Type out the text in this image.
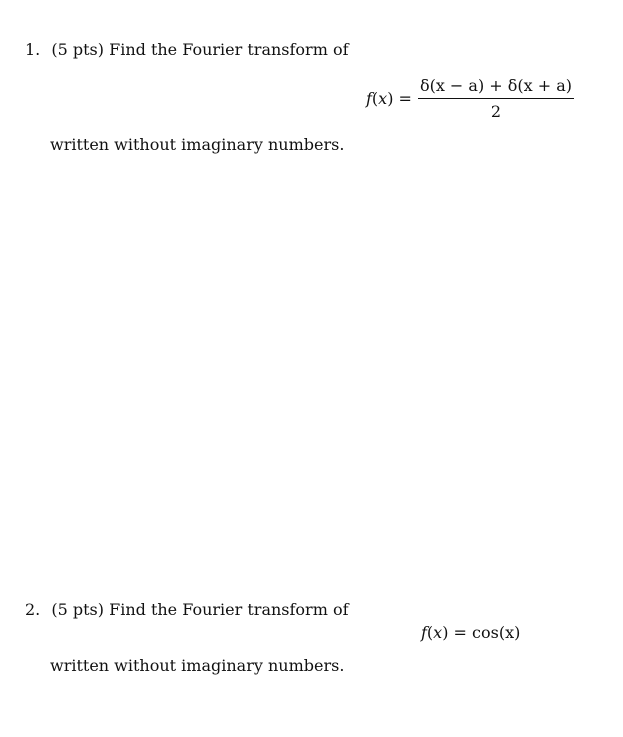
1. (5 pts) Find the Fourier transform of
$f(x) = \frac{\delta(x - a) + \delta(x + a)}{2}$
written without imaginary numbers.
2. (5 pts) Find the Fourier transform of
f(x) = cos(x)
written without imaginary numbers.
